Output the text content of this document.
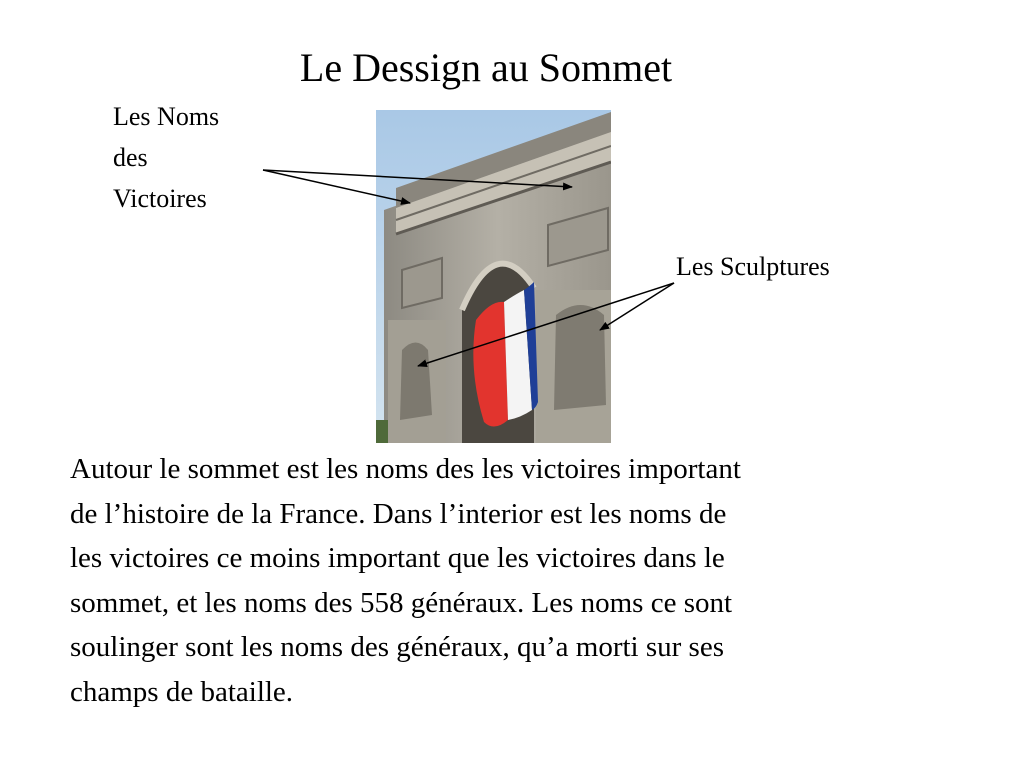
Le Dessign au Sommet
Les Noms
des
Victoires
Les Sculptures
Autour le sommet est les noms des les victoires important
de l’histoire de la France. Dans l’interior est les noms de
les victoires ce moins important que les victoires dans le
sommet, et les noms des 558 généraux. Les noms ce sont
soulinger sont les noms des généraux, qu’a morti sur ses
champs de bataille.
